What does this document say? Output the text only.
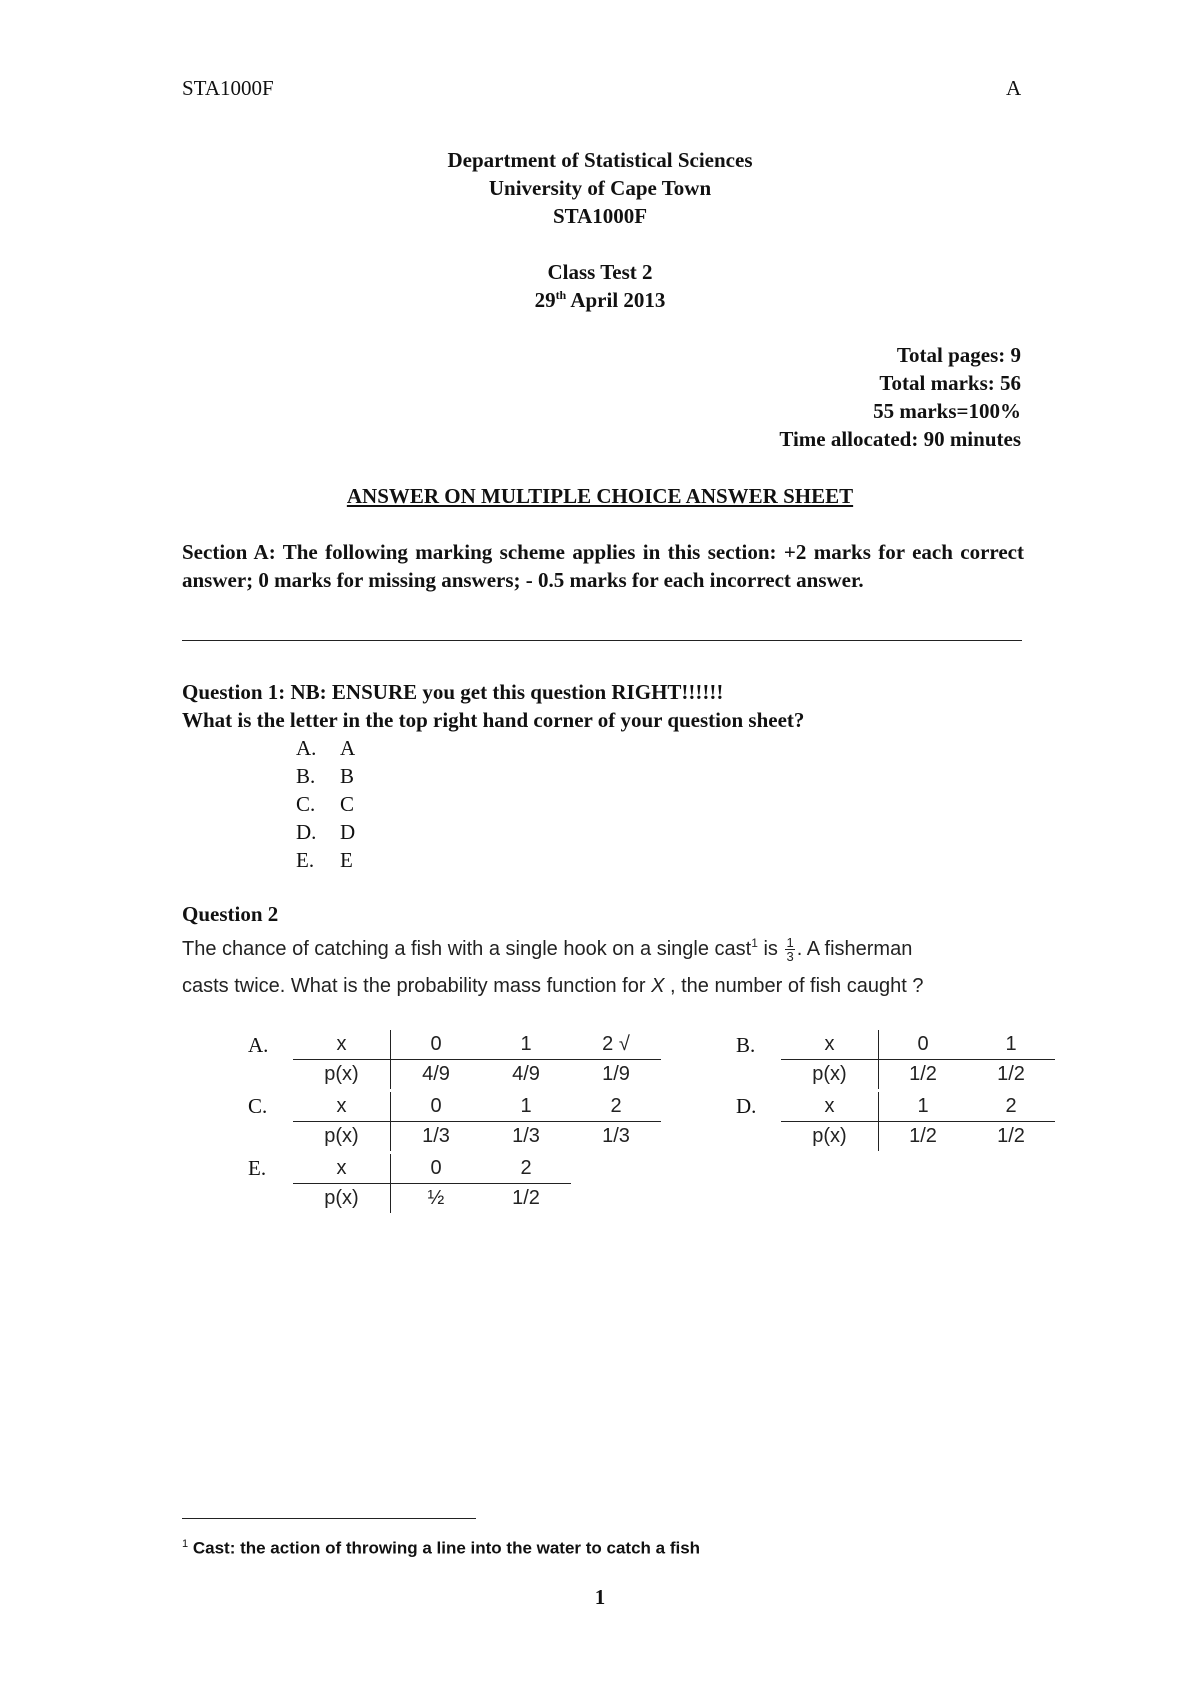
STA1000F	A
Department of Statistical Sciences
University of Cape Town
STA1000F
Class Test 2
29th April 2013
Total pages: 9
Total marks: 56
55 marks=100%
Time allocated: 90 minutes
ANSWER ON MULTIPLE CHOICE ANSWER SHEET
Section A: The following marking scheme applies in this section: +2 marks for each correct answer; 0 marks for missing answers; - 0.5 marks for each incorrect answer.
Question 1: NB: ENSURE you get this question RIGHT!!!!!!
What is the letter in the top right hand corner of your question sheet?
A. A
B. B
C. C
D. D
E. E
Question 2
The chance of catching a fish with a single hook on a single cast$^1$ is $\frac{1}{3}$ . A fisherman
casts twice. What is the probability mass function for X , the number of fish caught ?
A.	B.
C.	D.
E.
x	0	1	2 √
p(x)	4/9	4/9	1/9
x	0	1
p(x)	1/2	1/2
x	0	1	2
p(x)	1/3	1/3	1/3
x	1	2
p(x)	1/2	1/2
x	0	2
p(x)	½	1/2
$^1$ Cast: the action of throwing a line into the water to catch a fish
1
